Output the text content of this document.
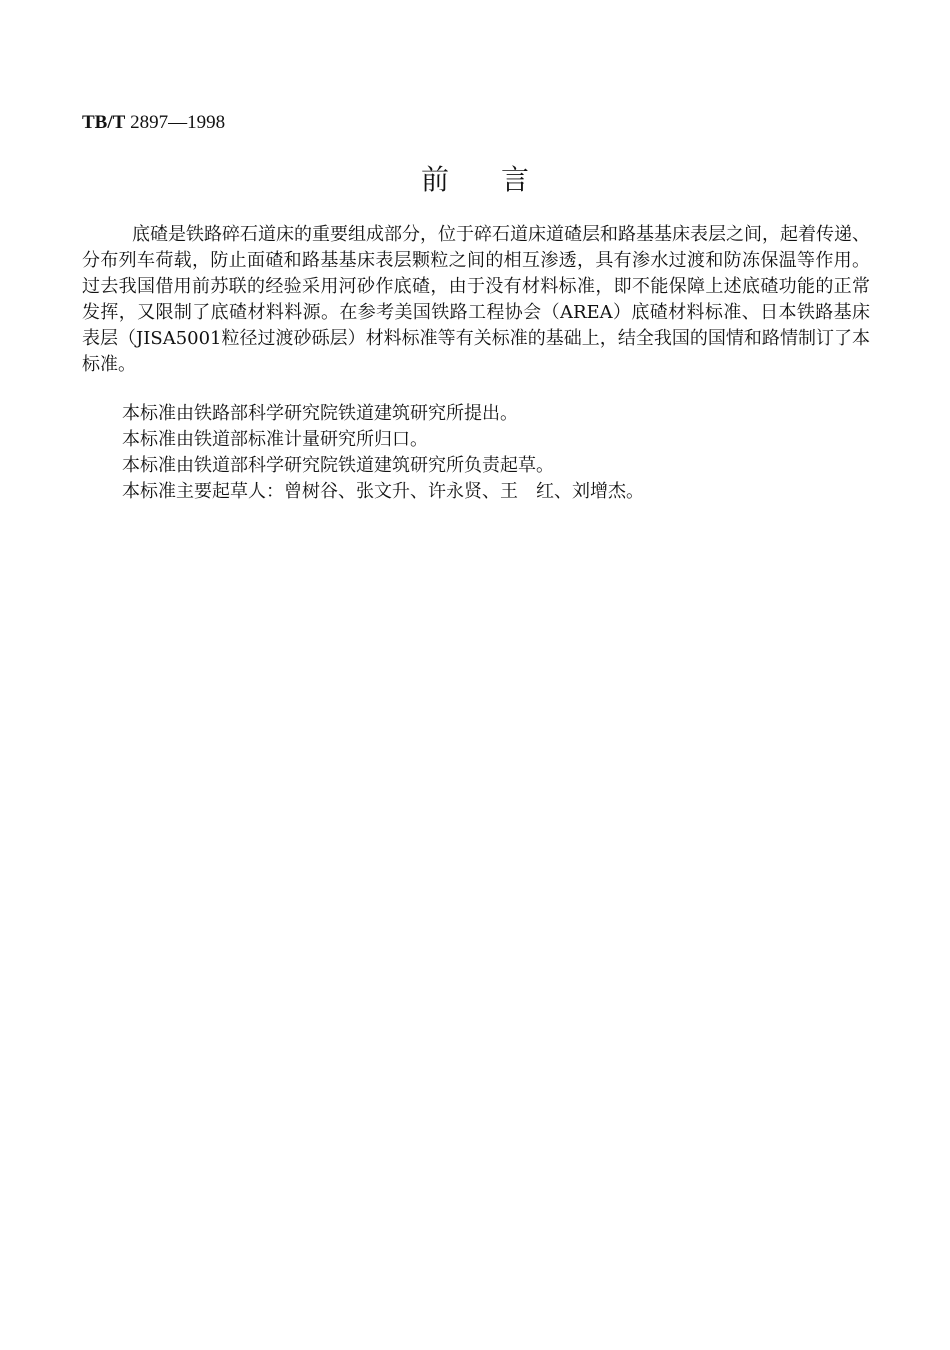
TB/T 2897—1998
前言

底碴是铁路碎石道床的重要组成部分，位于碎石道床道碴层和路基基床表层之间，起着传递、分布列车荷载，防止面碴和路基基床表层颗粒之间的相互渗透，具有渗水过渡和防冻保温等作用。过去我国借用前苏联的经验采用河砂作底碴，由于没有材料标准，即不能保障上述底碴功能的正常发挥，又限制了底碴材料料源。在参考美国铁路工程协会（AREA）底碴材料标准、日本铁路基床表层（JISA5001粒径过渡砂砾层）材料标准等有关标准的基础上，结全我国的国情和路情制订了本标准。

本标准由铁路部科学研究院铁道建筑研究所提出。
本标准由铁道部标准计量研究所归口。
本标准由铁道部科学研究院铁道建筑研究所负责起草。
本标准主要起草人：曾树谷、张文升、许永贤、王　红、刘增杰。
